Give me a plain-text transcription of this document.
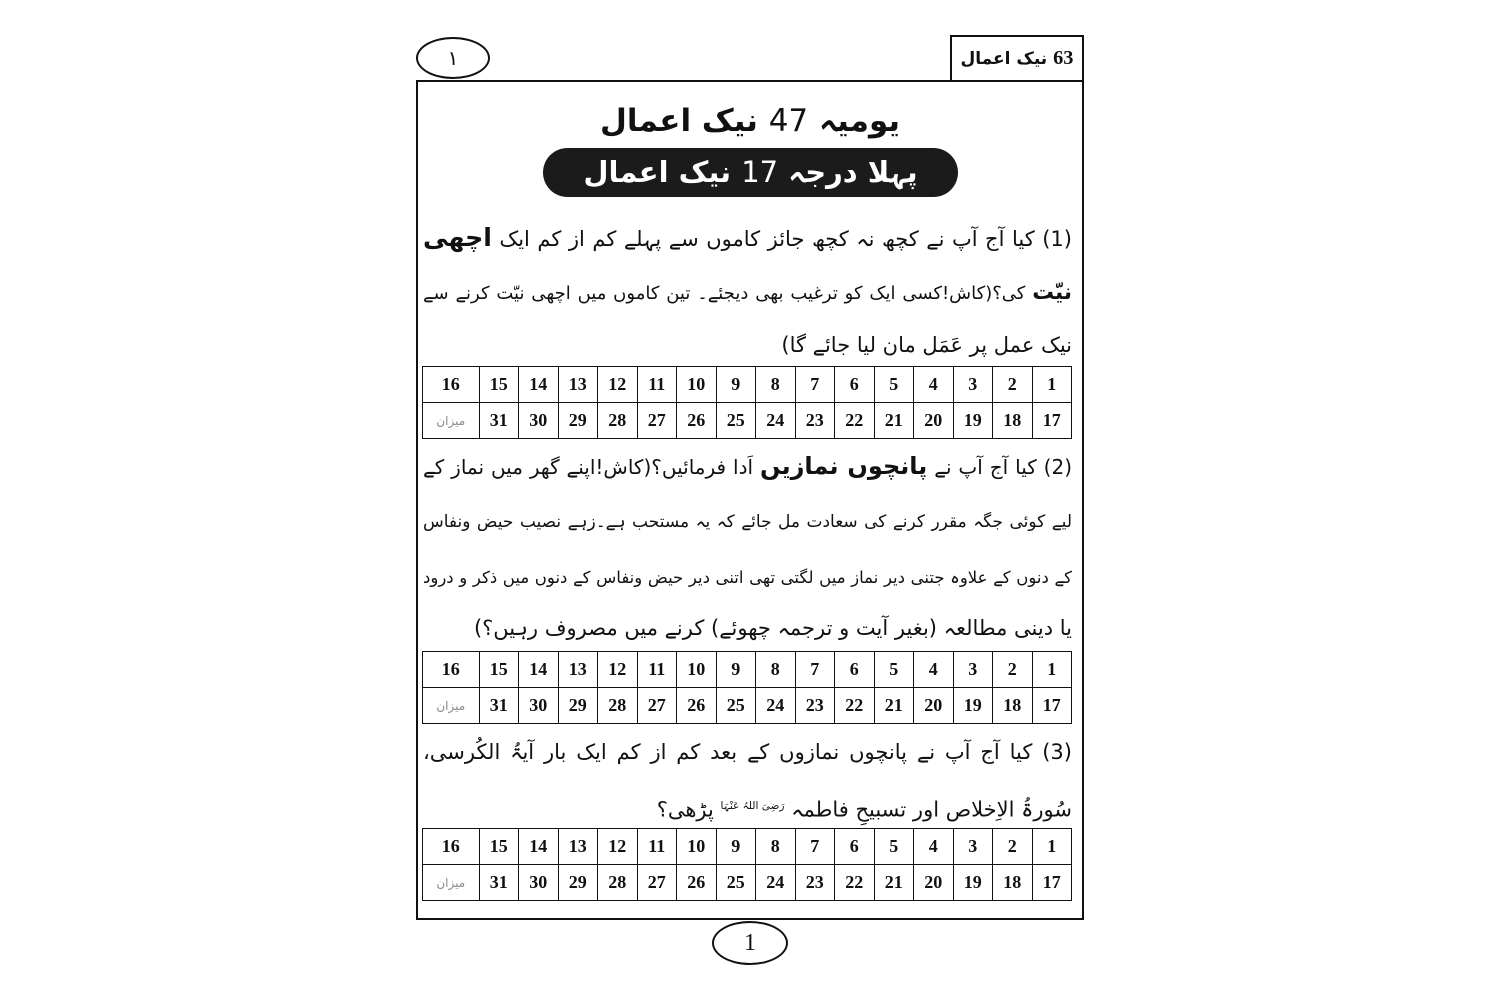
۱	63 نیک اعمال
یومیہ 47 نیک اعمال
پہلا درجہ 17 نیک اعمال
(1) کیا آج آپ نے کچھ نہ کچھ جائز کاموں سے پہلے کم از کم ایک اچھی
نیّت کی؟(کاش!کسی ایک کو ترغیب بھی دیجئے۔ تین کاموں میں اچھی نیّت کرنے سے
نیک عمل پر عَمَل مان لیا جائے گا)
1	2	3	4	5	6	7	8	9	10	11	12	13	14	15	16
17	18	19	20	21	22	23	24	25	26	27	28	29	30	31	میزان
(2) کیا آج آپ نے پانچوں نمازیں اَدا فرمائیں؟(کاش!اپنے گھر میں نماز کے
لیے کوئی جگہ مقرر کرنے کی سعادت مل جائے کہ یہ مستحب ہے۔زہے نصیب حیض ونفاس
کے دنوں کے علاوہ جتنی دیر نماز میں لگتی تھی اتنی دیر حیض ونفاس کے دنوں میں ذکر و درود
یا دینی مطالعہ (بغیر آیت و ترجمہ چھوئے) کرنے میں مصروف رہیں؟)
1	2	3	4	5	6	7	8	9	10	11	12	13	14	15	16
17	18	19	20	21	22	23	24	25	26	27	28	29	30	31	میزان
(3) کیا آج آپ نے پانچوں نمازوں کے بعد کم از کم ایک بار آیۃُ الکُرسی،
سُورۃُ الاِخلاص اور تسبیحِ فاطمہ $^{رَضِیَ اللہُ عَنْہَا}$ پڑھی؟
1	2	3	4	5	6	7	8	9	10	11	12	13	14	15	16
17	18	19	20	21	22	23	24	25	26	27	28	29	30	31	میزان
1
